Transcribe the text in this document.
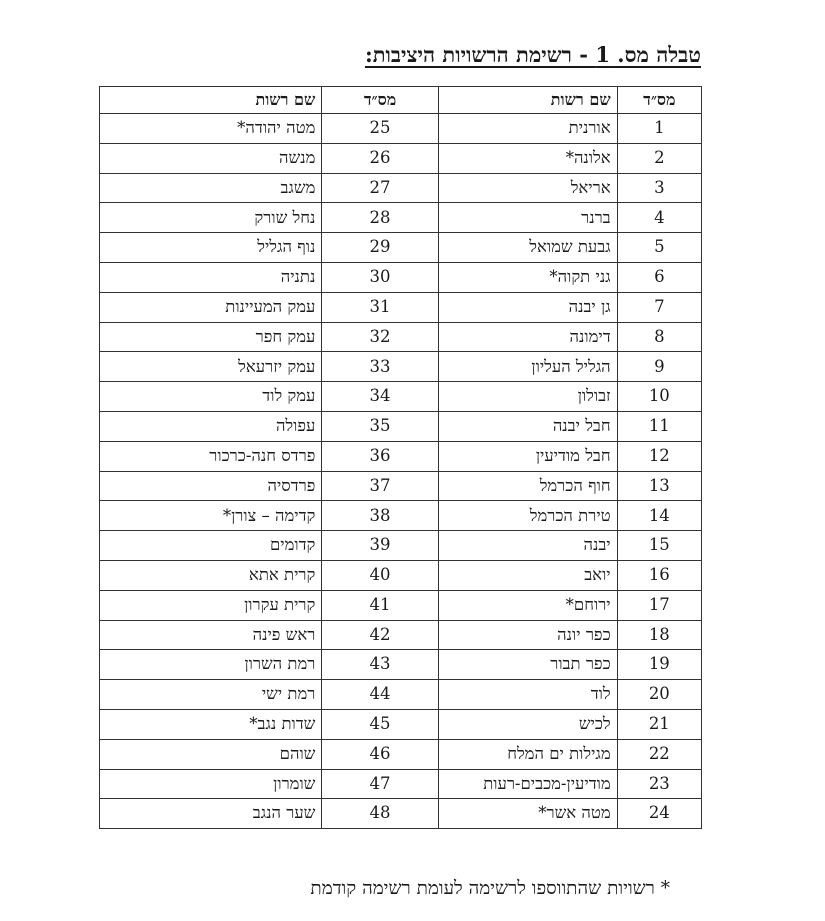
טבלה מס. 1 - רשימת הרשויות היציבות:
מס״ד	שם רשות	מס״ד	שם רשות
1	אורנית	25	מטה יהודה*
2	אלונה*	26	מנשה
3	אריאל	27	משגב
4	ברנר	28	נחל שורק
5	גבעת שמואל	29	נוף הגליל
6	גני תקוה*	30	נתניה
7	גן יבנה	31	עמק המעיינות
8	דימונה	32	עמק חפר
9	הגליל העליון	33	עמק יזרעאל
10	זבולון	34	עמק לוד
11	חבל יבנה	35	עפולה
12	חבל מודיעין	36	פרדס חנה-כרכור
13	חוף הכרמל	37	פרדסיה
14	טירת הכרמל	38	קדימה – צורן*
15	יבנה	39	קדומים
16	יואב	40	קרית אתא
17	ירוחם*	41	קרית עקרון
18	כפר יונה	42	ראש פינה
19	כפר תבור	43	רמת השרון
20	לוד	44	רמת ישי
21	לכיש	45	שדות נגב*
22	מגילות ים המלח	46	שוהם
23	מודיעין-מכבים-רעות	47	שומרון
24	מטה אשר*	48	שער הנגב

* רשויות שהתווספו לרשימה לעומת רשימה קודמת
